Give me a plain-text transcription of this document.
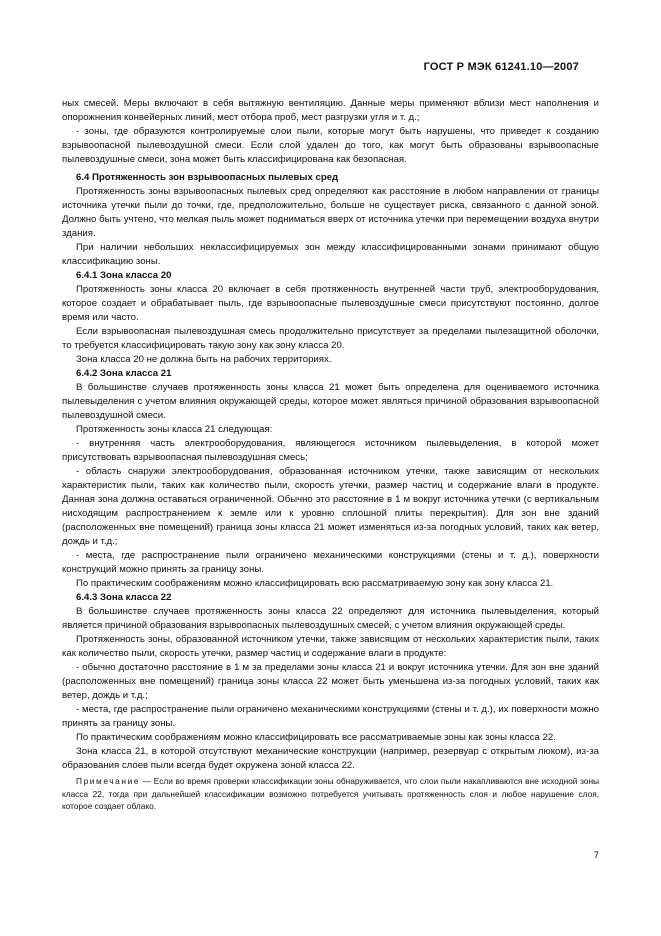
ГОСТ Р МЭК 61241.10—2007

ных смесей. Меры включают в себя вытяжную вентиляцию. Данные меры применяют вблизи мест наполнения и опорожнения конвейерных линий, мест отбора проб, мест разгрузки угля и т. д.;

- зоны, где образуются контролируемые слои пыли, которые могут быть нарушены, что приведет к созданию взрывоопасной пылевоздушной смеси. Если слой удален до того, как могут быть образованы взрывоопасные пылевоздушные смеси, зона может быть классифицирована как безопасная.

6.4 Протяженность зон взрывоопасных пылевых сред

Протяженность зоны взрывоопасных пылевых сред определяют как расстояние в любом направлении от границы источника утечки пыли до точки, где, предположительно, больше не существует риска, связанного с данной зоной. Должно быть учтено, что мелкая пыль может подниматься вверх от источника утечки при перемещении воздуха внутри здания.

При наличии небольших неклассифицируемых зон между классифицированными зонами принимают общую классификацию зоны.

6.4.1 Зона класса 20

Протяженность зоны класса 20 включает в себя протяженность внутренней части труб, электрооборудования, которое создает и обрабатывает пыль, где взрывоопасные пылевоздушные смеси присутствуют постоянно, долгое время или часто.

Если взрывоопасная пылевоздушная смесь продолжительно присутствует за пределами пылезащитной оболочки, то требуется классифицировать такую зону как зону класса 20.

Зона класса 20 не должна быть на рабочих территориях.

6.4.2 Зона класса 21

В большинстве случаев протяженность зоны класса 21 может быть определена для оцениваемого источника пылевыделения с учетом влияния окружающей среды, которое может являться причиной образования взрывоопасной пылевоздушной смеси.

Протяженность зоны класса 21 следующая:

- внутренняя часть электрооборудования, являющегося источником пылевыделения, в которой может присутствовать взрывоопасная пылевоздушная смесь;

- область снаружи электрооборудования, образованная источником утечки, также зависящим от нескольких характеристик пыли, таких как количество пыли, скорость утечки, размер частиц и содержание влаги в продукте. Данная зона должна оставаться ограниченной. Обычно это расстояние в 1 м вокруг источника утечки (с вертикальным нисходящим распространением к земле или к уровню сплошной плиты перекрытия). Для зон вне зданий (расположенных вне помещений) граница зоны класса 21 может изменяться из-за погодных условий, таких как ветер, дождь и т.д.;

- места, где распространение пыли ограничено механическими конструкциями (стены и т. д.), поверхности конструкций можно принять за границу зоны.

По практическим соображениям можно классифицировать всю рассматриваемую зону как зону класса 21.

6.4.3 Зона класса 22

В большинстве случаев протяженность зоны класса 22 определяют для источника пылевыделения, который является причиной образования взрывоопасных пылевоздушных смесей, с учетом влияния окружающей среды.

Протяженность зоны, образованной источником утечки, также зависящим от нескольких характеристик пыли, таких как количество пыли, скорость утечки, размер частиц и содержание влаги в продукте:

- обычно достаточно расстояние в 1 м за пределами зоны класса 21 и вокруг источника утечки. Для зон вне зданий (расположенных вне помещений) граница зоны класса 22 может быть уменьшена из-за погодных условий, таких как ветер, дождь и т.д.;

- места, где распространение пыли ограничено механическими конструкциями (стены и т. д.), их поверхности можно принять за границу зоны.

По практическим соображениям можно классифицировать все рассматриваемые зоны как зоны класса 22.

Зона класса 21, в которой отсутствуют механические конструкции (например, резервуар с открытым люком), из-за образования слоев пыли всегда будет окружена зоной класса 22.

Примечание — Если во время проверки классификации зоны обнаруживается, что слои пыли накапливаются вне исходной зоны класса 22, тогда при дальнейшей классификации возможно потребуется учитывать протяженность слоя и любое нарушение слоя, которое создает облако.

7
